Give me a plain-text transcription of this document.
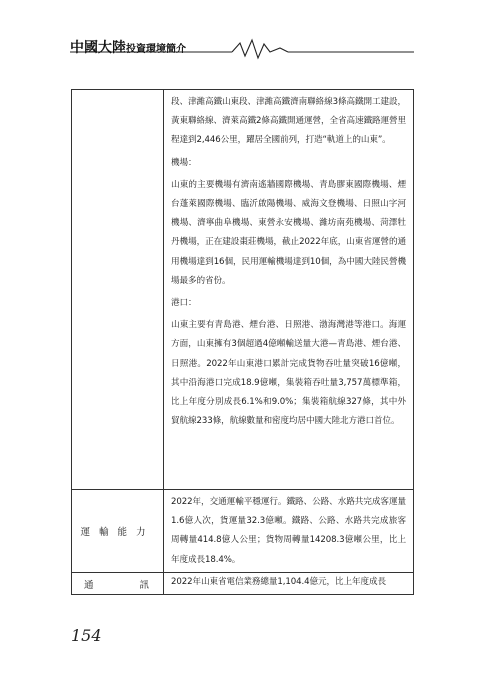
中國大陸投資環境簡介

	段、津濰高鐵山東段、津濰高鐵濟南聯絡線3條高鐵開工建設，黃東聯絡線、濟萊高鐵2條高鐵開通運營，全省高速鐵路運營里程達到2,446公里，躍居全國前列，打造“軌道上的山東”。
機場：
山東的主要機場有濟南遙牆國際機場、青島膠東國際機場、煙台蓬萊國際機場、臨沂啟陽機場、威海文登機場、日照山字河機場、濟寧曲阜機場、東營永安機場、濰坊南苑機場、菏澤牡丹機場，正在建設棗莊機場，截止2022年底，山東省運營的通用機場達到16個，民用運輸機場達到10個，為中國大陸民營機場最多的省份。
港口：
山東主要有青島港、煙台港、日照港、渤海灣港等港口。海運方面，山東擁有3個超過4億噸輸送量大港—青島港、煙台港、日照港。2022年山東港口累計完成貨物吞吐量突破16億噸，其中沿海港口完成18.9億噸，集裝箱吞吐量3,757萬標準箱，比上年度分別成長6.1%和9.0%；集裝箱航線327條，其中外貿航線233條，航線數量和密度均居中國大陸北方港口首位。

運輸能力	2022年，交通運輸平穩運行。鐵路、公路、水路共完成客運量1.6億人次，貨運量32.3億噸。鐵路、公路、水路共完成旅客周轉量414.8億人公里；貨物周轉量14208.3億噸公里，比上年度成長18.4%。

通 訊	2022年山東省電信業務總量1,104.4億元，比上年度成長
154
